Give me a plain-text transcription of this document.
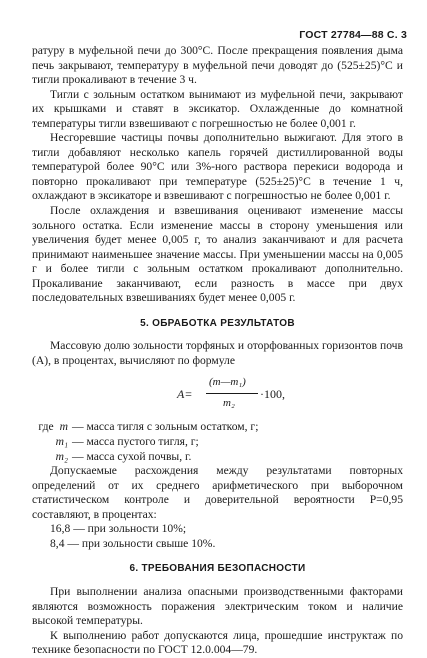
ГОСТ 27784—88 С. 3

ратуру в муфельной печи до 300°С. После прекращения появления дыма печь закрывают, температуру в муфельной печи доводят до (525±25)°С и тигли прокаливают в течение 3 ч.

Тигли с зольным остатком вынимают из муфельной печи, закрывают их крышками и ставят в эксикатор. Охлажденные до комнатной температуры тигли взвешивают с погрешностью не более 0,001 г.

Несгоревшие частицы почвы дополнительно выжигают. Для этого в тигли добавляют несколько капель горячей дистиллированной воды температурой более 90°С или 3%-ного раствора перекиси водорода и повторно прокаливают при температуре (525±25)°С в течение 1 ч, охлаждают в эксикаторе и взвешивают с погрешностью не более 0,001 г.

После охлаждения и взвешивания оценивают изменение массы зольного остатка. Если изменение массы в сторону уменьшения или увеличения будет менее 0,005 г, то анализ заканчивают и для расчета принимают наименьшее значение массы. При уменьшении массы на 0,005 г и более тигли с зольным остатком прокаливают дополнительно. Прокаливание заканчивают, если разность в массе при двух последовательных взвешиваниях будет менее 0,005 г.

5. ОБРАБОТКА РЕЗУЛЬТАТОВ

Массовую долю зольности торфяных и оторфованных горизонтов почв (A), в процентах, вычисляют по формуле

A=
(m—m₁)
m₂
·100,
где m — масса тигля с зольным остатком, г;
m₁ — масса пустого тигля, г;
m₂ — масса сухой почвы, г.

Допускаемые расхождения между результатами повторных определений от их среднего арифметического при выборочном статистическом контроле и доверительной вероятности P=0,95 составляют, в процентах:

16,8 — при зольности 10%;

8,4 — при зольности свыше 10%.

6. ТРЕБОВАНИЯ БЕЗОПАСНОСТИ

При выполнении анализа опасными производственными факторами являются возможность поражения электрическим током и наличие высокой температуры.

К выполнению работ допускаются лица, прошедшие инструктаж по технике безопасности по ГОСТ 12.0.004—79.
